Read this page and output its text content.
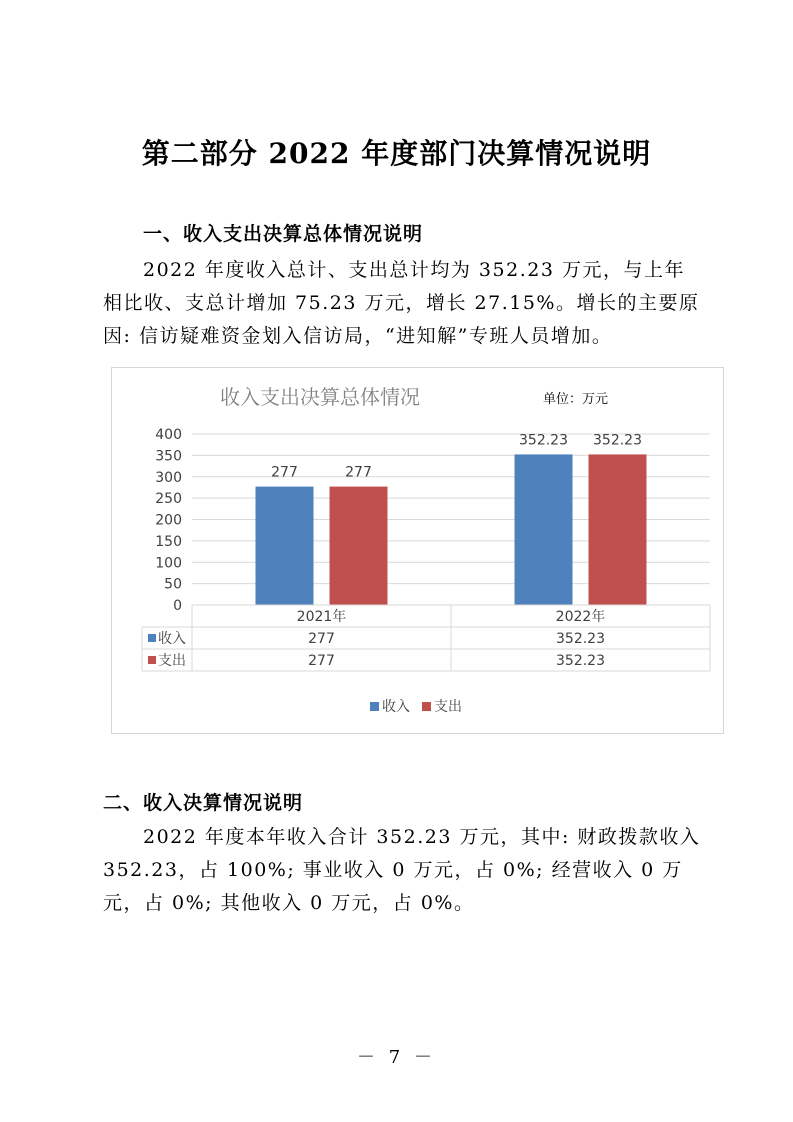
第二部分 2022 年度部门决算情况说明
一、收入支出决算总体情况说明
2022 年度收入总计、支出总计均为 352.23 万元，与上年相比收、支总计增加 75.23 万元，增长 27.15%。增长的主要原因: 信访疑难资金划入信访局，“进知解”专班人员增加。
收入支出决算总体情况	单位：万元
0
50
100
150
200
250
300
350
400
277	277
352.23 352.23
2021年	2022年
收入	277	352.23
支出	277	352.23
收入 支出
二、收入决算情况说明
2022 年度本年收入合计 352.23 万元，其中: 财政拨款收入 352.23，占 100%; 事业收入 0 万元，占 0%; 经营收入 0 万元，占 0%; 其他收入 0 万元，占 0%。
－ 7 －
